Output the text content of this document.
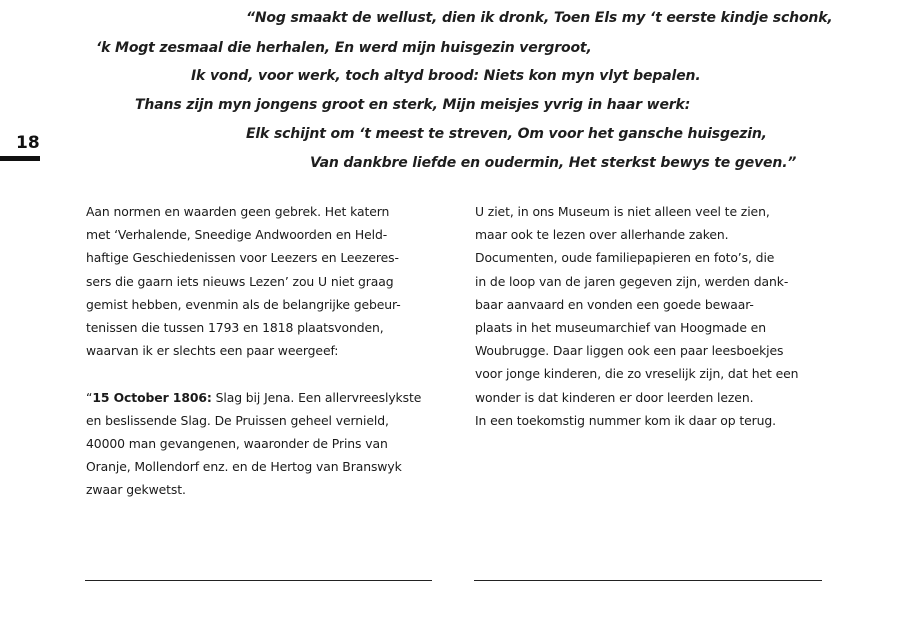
“Nog smaakt de wellust, dien ik dronk, Toen Els my ‘t eerste kindje schonk,
‘k Mogt zesmaal die herhalen, En werd mijn huisgezin vergroot,
Ik vond, voor werk, toch altyd brood: Niets kon myn vlyt bepalen.
Thans zijn myn jongens groot en sterk, Mijn meisjes yvrig in haar werk:
Elk schijnt om ‘t meest te streven, Om voor het gansche huisgezin,
Van dankbre liefde en oudermin, Het sterkst bewys te geven.”
18

Aan normen en waarden geen gebrek. Het katern

met ‘Verhalende, Sneedige Andwoorden en Held-

haftige Geschiedenissen voor Leezers en Leezeres-

sers die gaarn iets nieuws Lezen’ zou U niet graag

gemist hebben, evenmin als de belangrijke gebeur-

tenissen die tussen 1793 en 1818 plaatsvonden,

waarvan ik er slechts een paar weergeef:

“15 October 1806: Slag bij Jena. Een allervreeslykste

en beslissende Slag. De Pruissen geheel vernield,

40000 man gevangenen, waaronder de Prins van

Oranje, Mollendorf enz. en de Hertog van Branswyk

zwaar gekwetst.

U ziet, in ons Museum is niet alleen veel te zien,

maar ook te lezen over allerhande zaken.

Documenten, oude familiepapieren en foto’s, die

in de loop van de jaren gegeven zijn, werden dank-

baar aanvaard en vonden een goede bewaar-

plaats in het museumarchief van Hoogmade en

Woubrugge. Daar liggen ook een paar leesboekjes

voor jonge kinderen, die zo vreselijk zijn, dat het een

wonder is dat kinderen er door leerden lezen.

In een toekomstig nummer kom ik daar op terug.
